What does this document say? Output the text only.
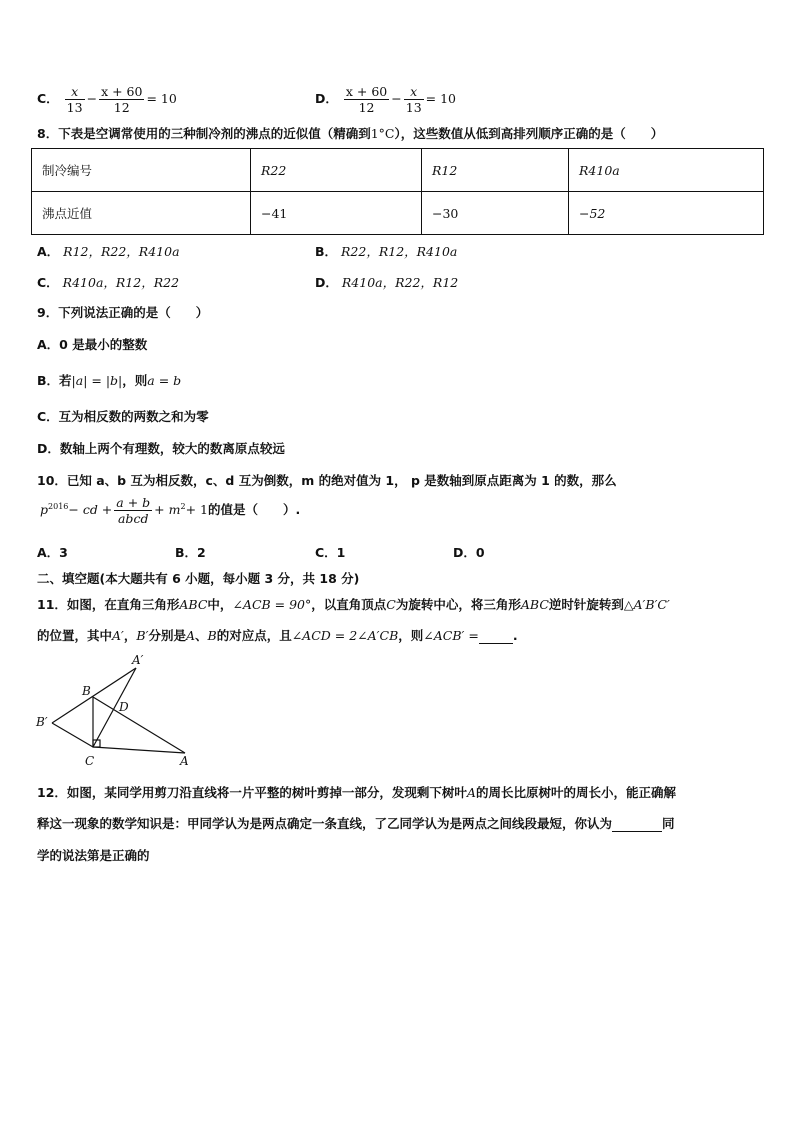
C． $\frac{x}{13} - \frac{x + 60}{12} = 10$	D． $\frac{x + 60}{12} - \frac{x}{13} = 10$
8．下表是空调常使用的三种制冷剂的沸点的近似值（精确到1°C），这些数值从低到高排列顺序正确的是（　　）
制冷编号	R22	R12	R410a
沸点近值	−41	−30	−52
A． R12，R22，R410a	B． R22，R12，R410a
C． R410a，R12，R22	D． R410a，R22，R12
9．下列说法正确的是（　　）
A．0 是最小的整数
B．若|a| = |b|，则a = b
C．互为相反数的两数之和为零
D．数轴上两个有理数，较大的数离原点较远
10．已知 a、b 互为相反数，c、d 互为倒数，m 的绝对值为 1， p 是数轴到原点距离为 1 的数，那么
$p^{2016}-$ cd + $\frac{a + b}{\text{abcd}} + m^2+ 1$的值是（　　）.
A．3	B．2	C．1	D．0
二、填空题(本大题共有 6 小题，每小题 3 分，共 18 分)
11．如图，在直角三角形ABC中，∠ACB = 90°，以直角顶点C为旋转中心，将三角形ABC逆时针旋转到△A′B′C′
的位置，其中A′，B′分别是A、B的对应点，且∠ACD = 2∠A′CB，则∠ACB′ =	.
A′
B
D
B′
C	A
12．如图，某同学用剪刀沿直线将一片平整的树叶剪掉一部分，发现剩下树叶A的周长比原树叶的周长小，能正确解
释这一现象的数学知识是：甲同学认为是两点确定一条直线，了乙同学认为是两点之间线段最短，你认为	同
学的说法第是正确的
